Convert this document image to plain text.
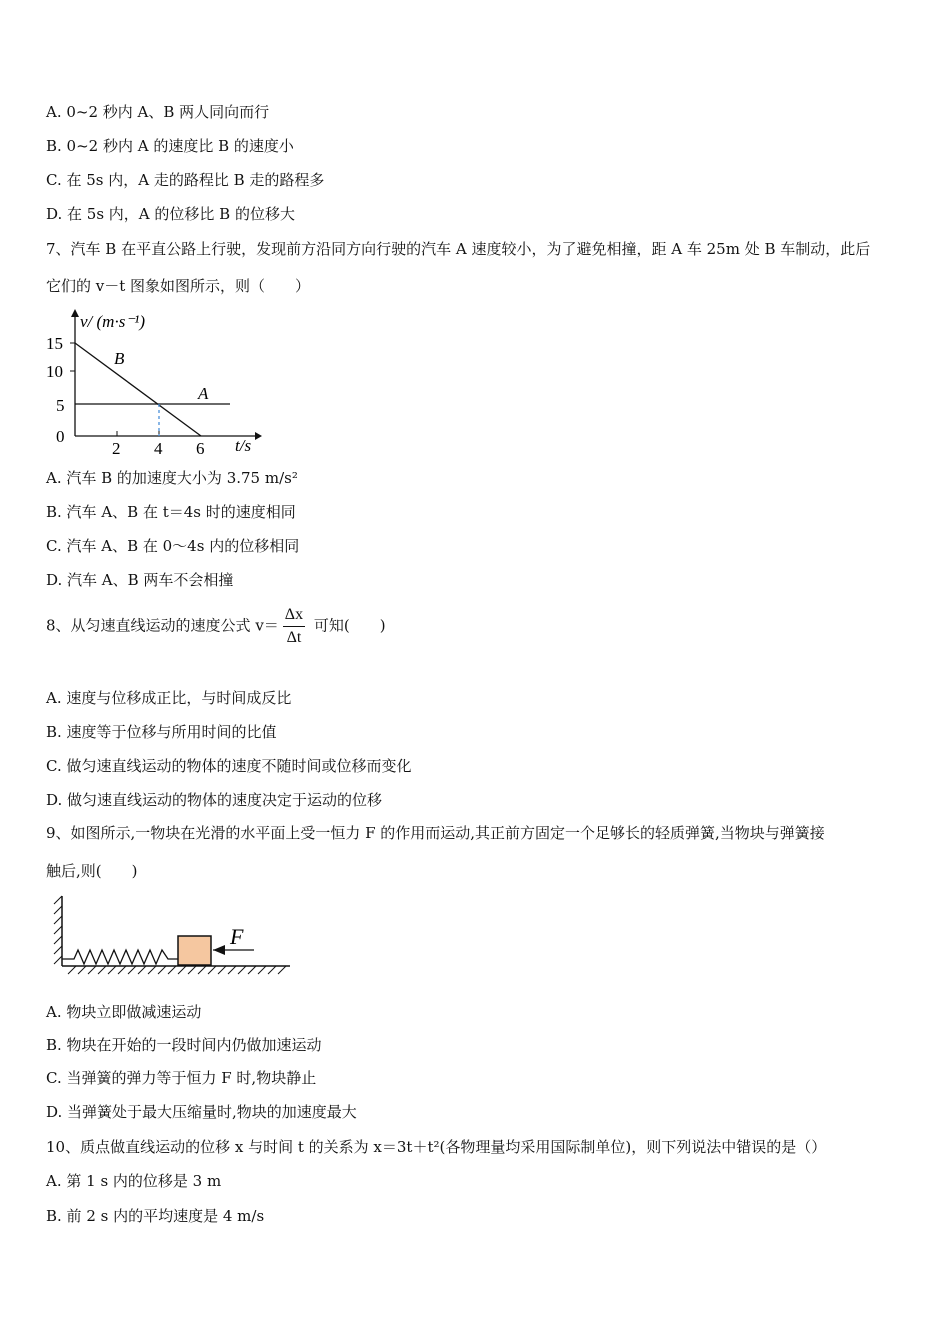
A. 0~2 秒内 A、B 两人同向而行
B. 0~2 秒内 A 的速度比 B 的速度小
C. 在 5s 内，A 走的路程比 B 走的路程多
D. 在 5s 内，A 的位移比 B 的位移大
7、汽车 B 在平直公路上行驶，发现前方沿同方向行驶的汽车 A 速度较小，为了避免相撞，距 A 车 25m 处 B 车制动，此后
它们的 v－t 图象如图所示，则（　　）
15
10
5
0
2 4 6
v/ (m·s⁻¹)
t/s
B
A
A. 汽车 B 的加速度大小为 3.75 m/s²
B. 汽车 A、B 在 t＝4s 时的速度相同
C. 汽车 A、B 在 0～4s 内的位移相同
D. 汽车 A、B 两车不会相撞
8、从匀速直线运动的速度公式 $v= \frac{\Delta x}{\Delta t}$ 可知(　　)
A. 速度与位移成正比，与时间成反比
B. 速度等于位移与所用时间的比值
C. 做匀速直线运动的物体的速度不随时间或位移而变化
D. 做匀速直线运动的物体的速度决定于运动的位移
9、如图所示,一物块在光滑的水平面上受一恒力 F 的作用而运动,其正前方固定一个足够长的轻质弹簧,当物块与弹簧接
触后,则(　　)
F
A. 物块立即做减速运动
B. 物块在开始的一段时间内仍做加速运动
C. 当弹簧的弹力等于恒力 F 时,物块静止
D. 当弹簧处于最大压缩量时,物块的加速度最大
10、质点做直线运动的位移 x 与时间 t 的关系为 x＝3t＋t²(各物理量均采用国际制单位)，则下列说法中错误的是（）
A. 第 1 s 内的位移是 3 m
B. 前 2 s 内的平均速度是 4 m/s
